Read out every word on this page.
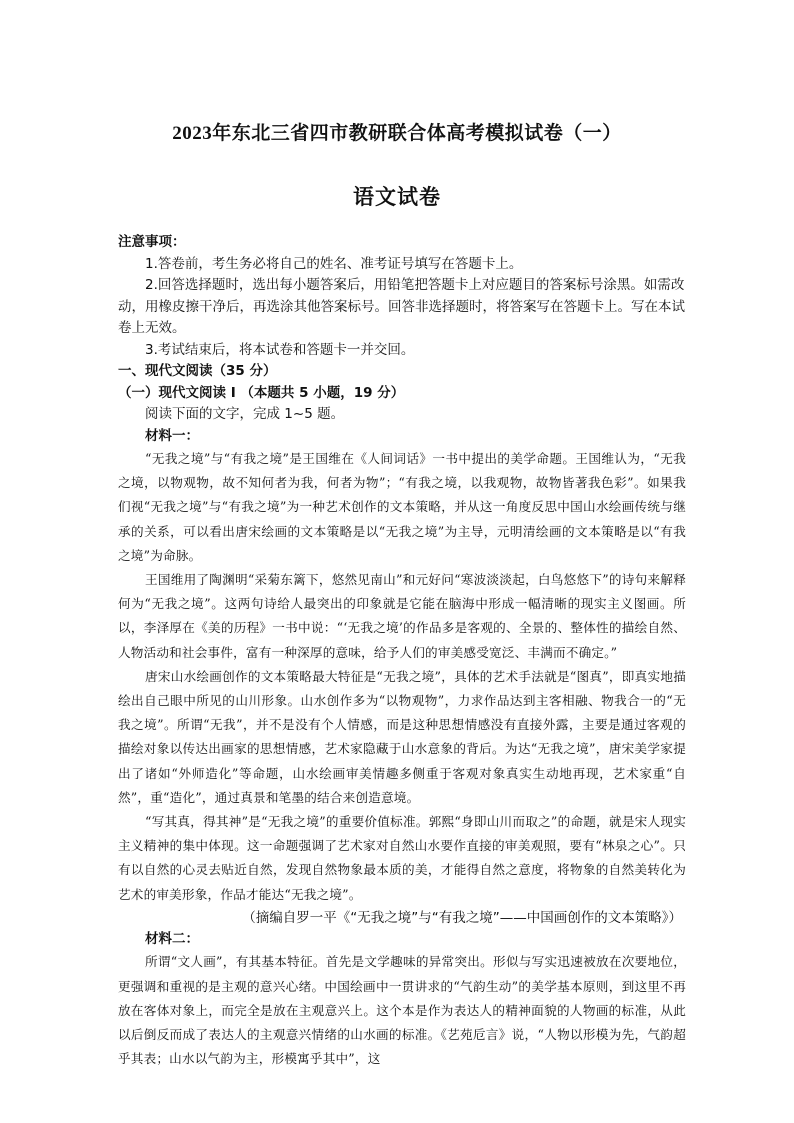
2023年东北三省四市教研联合体高考模拟试卷（一）
语文试卷

注意事项：

1.答卷前，考生务必将自己的姓名、准考证号填写在答题卡上。

2.回答选择题时，选出每小题答案后，用铅笔把答题卡上对应题目的答案标号涂黑。如需改动，用橡皮擦干净后，再选涂其他答案标号。回答非选择题时，将答案写在答题卡上。写在本试卷上无效。

3.考试结束后，将本试卷和答题卡一并交回。

一、现代文阅读（35 分）

（一）现代文阅读 I （本题共 5 小题，19 分）

阅读下面的文字，完成 1~5 题。

材料一：

“无我之境”与“有我之境”是王国维在《人间词话》一书中提出的美学命题。王国维认为，“无我之境，以物观物，故不知何者为我，何者为物”；“有我之境，以我观物，故物皆著我色彩”。如果我们视“无我之境”与“有我之境”为一种艺术创作的文本策略，并从这一角度反思中国山水绘画传统与继承的关系，可以看出唐宋绘画的文本策略是以“无我之境”为主导，元明清绘画的文本策略是以“有我之境”为命脉。

王国维用了陶渊明“采菊东篱下，悠然见南山”和元好问“寒波淡淡起，白鸟悠悠下”的诗句来解释何为“无我之境”。这两句诗给人最突出的印象就是它能在脑海中形成一幅清晰的现实主义图画。所以，李泽厚在《美的历程》一书中说：“‘无我之境’的作品多是客观的、全景的、整体性的描绘自然、人物活动和社会事件，富有一种深厚的意味，给予人们的审美感受宽泛、丰满而不确定。”

唐宋山水绘画创作的文本策略最大特征是“无我之境”，具体的艺术手法就是“图真”，即真实地描绘出自己眼中所见的山川形象。山水创作多为“以物观物”，力求作品达到主客相融、物我合一的“无我之境”。所谓“无我”，并不是没有个人情感，而是这种思想情感没有直接外露，主要是通过客观的描绘对象以传达出画家的思想情感，艺术家隐藏于山水意象的背后。为达“无我之境”，唐宋美学家提出了诸如“外师造化”等命题，山水绘画审美情趣多侧重于客观对象真实生动地再现，艺术家重“自然”，重“造化”，通过真景和笔墨的结合来创造意境。

“写其真，得其神”是“无我之境”的重要价值标准。郭熙“身即山川而取之”的命题，就是宋人现实主义精神的集中体现。这一命题强调了艺术家对自然山水要作直接的审美观照，要有“林泉之心”。只有以自然的心灵去贴近自然，发现自然物象最本质的美，才能得自然之意度，将物象的自然美转化为艺术的审美形象，作品才能达“无我之境”。

（摘编自罗一平《“无我之境”与“有我之境”——中国画创作的文本策略》）

材料二：

所谓“文人画”，有其基本特征。首先是文学趣味的异常突出。形似与写实迅速被放在次要地位，更强调和重视的是主观的意兴心绪。中国绘画中一贯讲求的“气韵生动”的美学基本原则，到这里不再放在客体对象上，而完全是放在主观意兴上。这个本是作为表达人的精神面貌的人物画的标准，从此以后倒反而成了表达人的主观意兴情绪的山水画的标准。《艺苑卮言》说，“人物以形模为先，气韵超乎其表；山水以气韵为主，形模寓乎其中”，这
